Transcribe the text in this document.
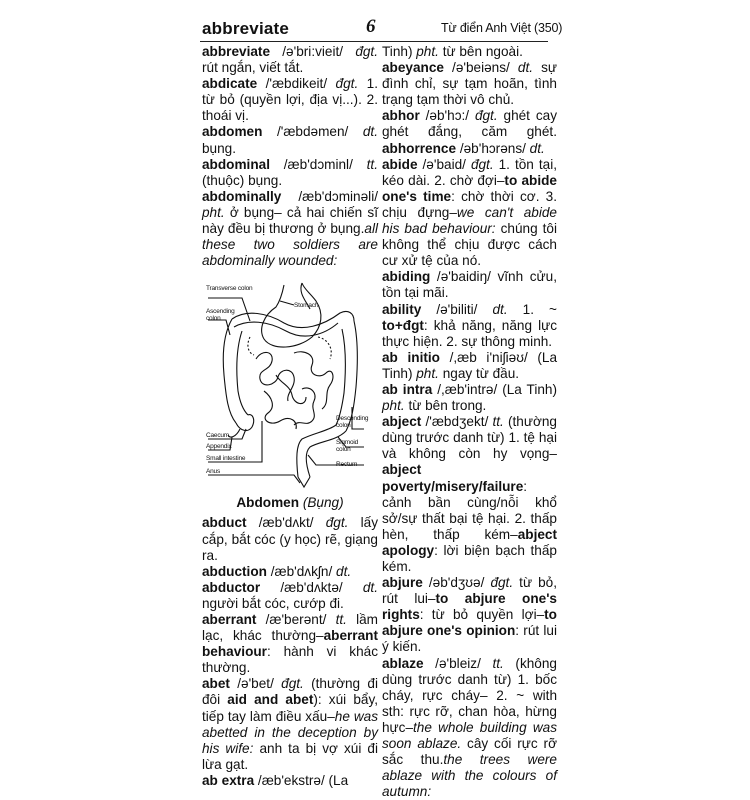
abbreviate	6	Từ điển Anh Việt (350)

abbreviate /ə'bri:vieit/ đgt. rút ngắn, viết tắt.

abdicate /'æbdikeit/ đgt. 1. từ bỏ (quyền lợi, địa vị...). 2. thoái vị.

abdomen /'æbdəmen/ dt. bụng.

abdominal /æb'dɔminl/ tt. (thuộc) bụng.

abdominally /æb'dɔminəli/ pht. ở bụng– cả hai chiến sĩ này đều bị thương ở bụng.all these two soldiers are abdominally wounded:

Transverse colon
Ascending colon
Stomach
Caecum
Appendix
Small intestine
Anus
Descending colon
Sigmoid colon
Rectum
Abdomen (Bụng)

abduct /æb'dʌkt/ đgt. lấy cắp, bắt cóc (y học) rẽ, giạng ra.

abduction /æb'dʌkʃn/ dt.

abductor /æb'dʌktə/ dt. người bắt cóc, cướp đi.

aberrant /æ'berənt/ tt. lầm lạc, khác thường–aberrant behaviour: hành vi khác thường.

abet /ə'bet/ đgt. (thường đi đôi aid and abet): xúi bẩy, tiếp tay làm điều xấu–he was abetted in the deception by his wife: anh ta bị vợ xúi đi lừa gạt.

ab extra /æb'ekstrə/ (La

Tinh) pht. từ bên ngoài.

abeyance /ə'beiəns/ dt. sự đình chỉ, sự tạm hoãn, tình trạng tạm thời vô chủ.

abhor /əb'hɔ:/ đgt. ghét cay ghét đắng, căm ghét. abhorrence /əb'hɔrəns/ dt.

abide /ə'baid/ đgt. 1. tồn tại, kéo dài. 2. chờ đợi–to abide one's time: chờ thời cơ. 3. chịu đựng–we can't abide his bad behaviour: chúng tôi không thể chịu được cách cư xử tệ của nó.

abiding /ə'baidiŋ/ vĩnh cửu, tồn tại mãi.

ability /ə'biliti/ dt. 1. ~ to+đgt: khả năng, năng lực thực hiện. 2. sự thông minh.

ab initio /,æb i'niʃiəʊ/ (La Tinh) pht. ngay từ đầu.

ab intra /,æb'intrə/ (La Tinh) pht. từ bên trong.

abject /'æbdʒekt/ tt. (thường dùng trước danh từ) 1. tệ hại và không còn hy vọng–abject poverty/misery/failure: cảnh bần cùng/nỗi khổ sở/sự thất bại tệ hại. 2. thấp hèn, thấp kém–abject apology: lời biện bạch thấp kém.

abjure /əb'dʒʊə/ đgt. từ bỏ, rút lui–to abjure one's rights: từ bỏ quyền lợi–to abjure one's opinion: rút lui ý kiến.

ablaze /ə'bleiz/ tt. (không dùng trước danh từ) 1. bốc cháy, rực cháy– 2. ~ with sth: rực rỡ, chan hòa, hừng hực–the whole building was soon ablaze. cây cối rực rỡ sắc thu.the trees were ablaze with the colours of autumn:
